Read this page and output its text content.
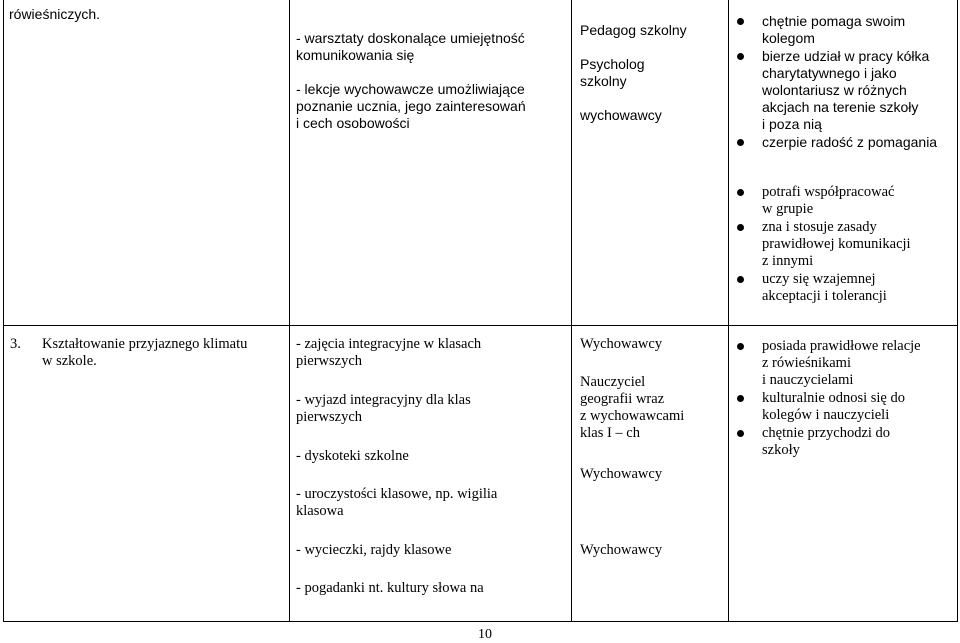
rówieśniczych.
- warsztaty doskonalące umiejętność
komunikowania się

- lekcje wychowawcze umożliwiające
poznanie ucznia, jego zainteresowań
i cech osobowości
Pedagog szkolny

Psycholog
szkolny

wychowawcy
chętnie pomaga swoim
kolegom
bierze udział w pracy kółka
charytatywnego i jako
wolontariusz w różnych
akcjach na terenie szkoły
i poza nią
czerpie radość z pomagania
potrafi współpracować
w grupie
zna i stosuje zasady
prawidłowej komunikacji
z innymi
uczy się wzajemnej
akceptacji i tolerancji
3. Kształtowanie przyjaznego klimatu
w szkole.
- zajęcia integracyjne w klasach
pierwszych
- wyjazd integracyjny dla klas
pierwszych
- dyskoteki szkolne
- uroczystości klasowe, np. wigilia
klasowa
- wycieczki, rajdy klasowe
- pogadanki nt. kultury słowa na
Wychowawcy
Nauczyciel
geografii wraz
z wychowawcami
klas I – ch
Wychowawcy
Wychowawcy
posiada prawidłowe relacje
z rówieśnikami
i nauczycielami
kulturalnie odnosi się do
kolegów i nauczycieli
chętnie przychodzi do
szkoły
10
